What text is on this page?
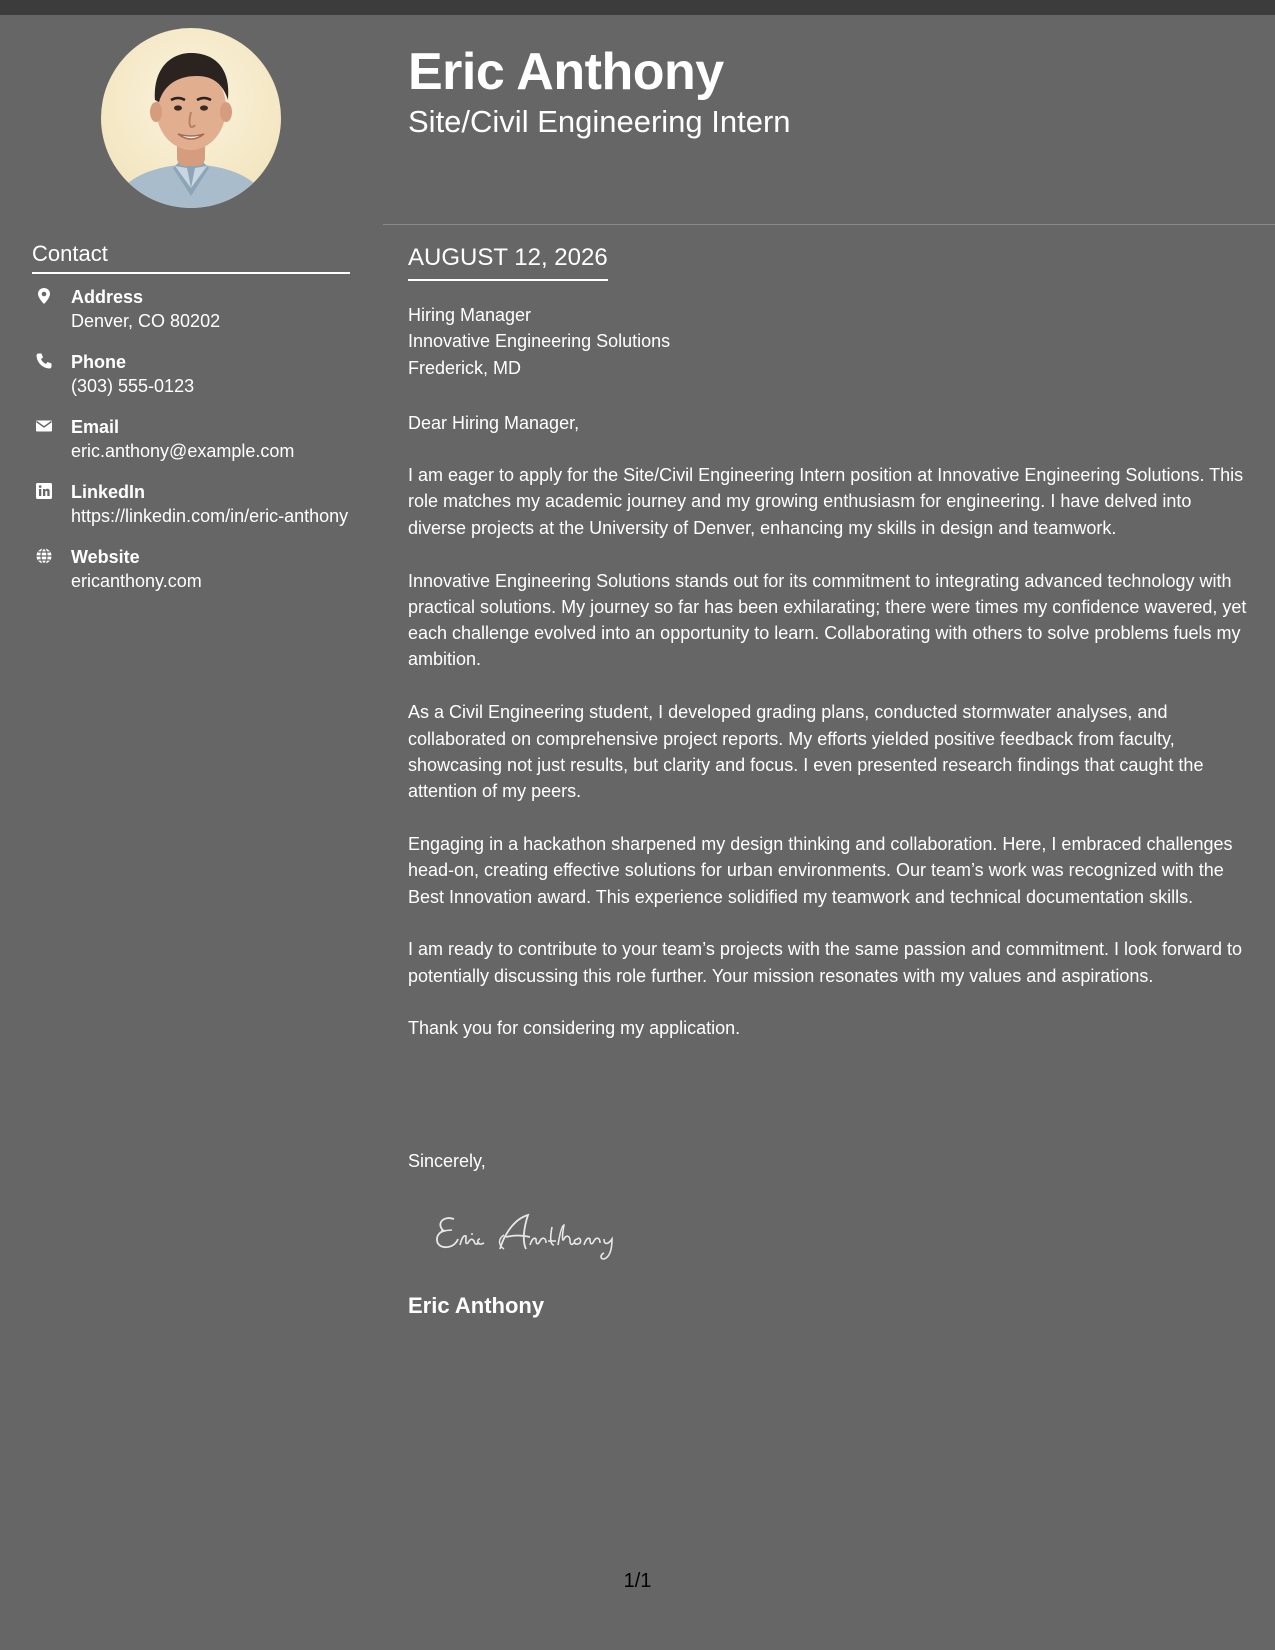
Contact
Address
Denver, CO 80202
Phone
(303) 555-0123
Email
eric.anthony@example.com
LinkedIn
https://linkedin.com/in/eric-anthony
Website
ericanthony.com
Eric Anthony
Site/Civil Engineering Intern
AUGUST 12, 2026
Hiring Manager
Innovative Engineering Solutions
Frederick, MD

Dear Hiring Manager,

I am eager to apply for the Site/Civil Engineering Intern position at Innovative Engineering Solutions. This role matches my academic journey and my growing enthusiasm for engineering. I have delved into diverse projects at the University of Denver, enhancing my skills in design and teamwork.

Innovative Engineering Solutions stands out for its commitment to integrating advanced technology with practical solutions. My journey so far has been exhilarating; there were times my confidence wavered, yet each challenge evolved into an opportunity to learn. Collaborating with others to solve problems fuels my ambition.

As a Civil Engineering student, I developed grading plans, conducted stormwater analyses, and collaborated on comprehensive project reports. My efforts yielded positive feedback from faculty, showcasing not just results, but clarity and focus. I even presented research findings that caught the attention of my peers.

Engaging in a hackathon sharpened my design thinking and collaboration. Here, I embraced challenges head-on, creating effective solutions for urban environments. Our team’s work was recognized with the Best Innovation award. This experience solidified my teamwork and technical documentation skills.

I am ready to contribute to your team’s projects with the same passion and commitment. I look forward to potentially discussing this role further. Your mission resonates with my values and aspirations.

Thank you for considering my application.

Sincerely,
Eric Anthony
1/1
